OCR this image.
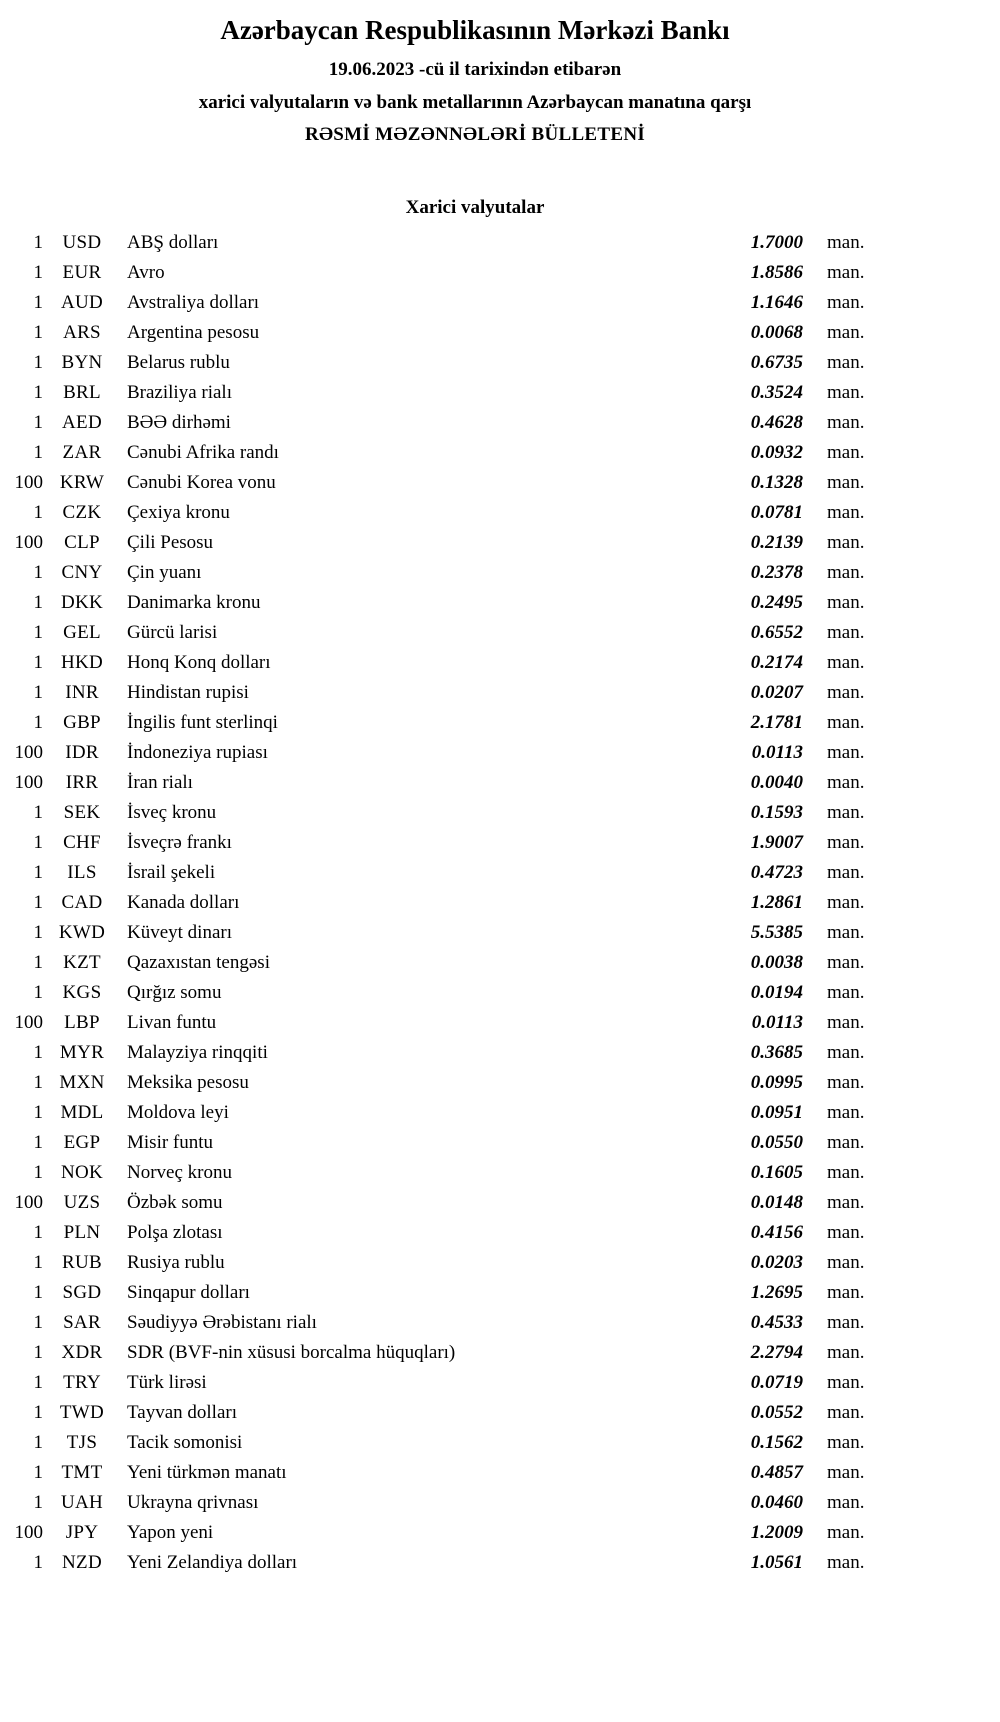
Azərbaycan Respublikasının Mərkəzi Bankı
19.06.2023 -cü il tarixindən etibarən
xarici valyutaların və bank metallarının Azərbaycan manatına qarşı
RƏSMİ MƏZƏNNƏLƏRİ BÜLLETENİ
Xarici valyutalar
1	USD	ABŞ dolları	1.7000	man.
1	EUR	Avro	1.8586	man.
1 AUD	Avstraliya dolları	1.1646	man.
1	ARS	Argentina pesosu	0.0068	man.
1 BYN	Belarus rublu	0.6735	man.
1	BRL	Braziliya rialı	0.3524	man.
1	AED	BƏƏ dirhəmi	0.4628	man.
1	ZAR	Cənubi Afrika randı	0.0932	man.
100 KRW	Cənubi Korea vonu	0.1328	man.
1	CZK	Çexiya kronu	0.0781	man.
100	CLP	Çili Pesosu	0.2139	man.
1 CNY	Çin yuanı	0.2378	man.
1 DKK	Danimarka kronu	0.2495	man.
1	GEL	Gürcü larisi	0.6552	man.
1 HKD	Honq Konq dolları	0.2174	man.
1	INR	Hindistan rupisi	0.0207	man.
1	GBP	İngilis funt sterlinqi	2.1781	man.
100	IDR	İndoneziya rupiası	0.0113	man.
100	IRR	İran rialı	0.0040	man.
1	SEK	İsveç kronu	0.1593	man.
1	CHF	İsveçrə frankı	1.9007	man.
1	ILS	İsrail şekeli	0.4723	man.
1 CAD	Kanada dolları	1.2861	man.
1 KWD	Küveyt dinarı	5.5385	man.
1	KZT	Qazaxıstan tengəsi	0.0038	man.
1	KGS	Qırğız somu	0.0194	man.
100	LBP	Livan funtu	0.0113	man.
1 MYR	Malayziya rinqqiti	0.3685	man.
1 MXN	Meksika pesosu	0.0995	man.
1 MDL	Moldova leyi	0.0951	man.
1	EGP	Misir funtu	0.0550	man.
1 NOK	Norveç kronu	0.1605	man.
100	UZS	Özbək somu	0.0148	man.
1	PLN	Polşa zlotası	0.4156	man.
1	RUB	Rusiya rublu	0.0203	man.
1	SGD	Sinqapur dolları	1.2695	man.
1	SAR	Səudiyyə Ərəbistanı rialı	0.4533	man.
1 XDR	SDR (BVF-nin xüsusi borcalma hüquqları)	2.2794	man.
1	TRY	Türk lirəsi	0.0719	man.
1 TWD	Tayvan dolları	0.0552	man.
1	TJS	Tacik somonisi	0.1562	man.
1 TMT	Yeni türkmən manatı	0.4857	man.
1 UAH	Ukrayna qrivnası	0.0460	man.
100	JPY	Yapon yeni	1.2009	man.
1	NZD	Yeni Zelandiya dolları	1.0561	man.
